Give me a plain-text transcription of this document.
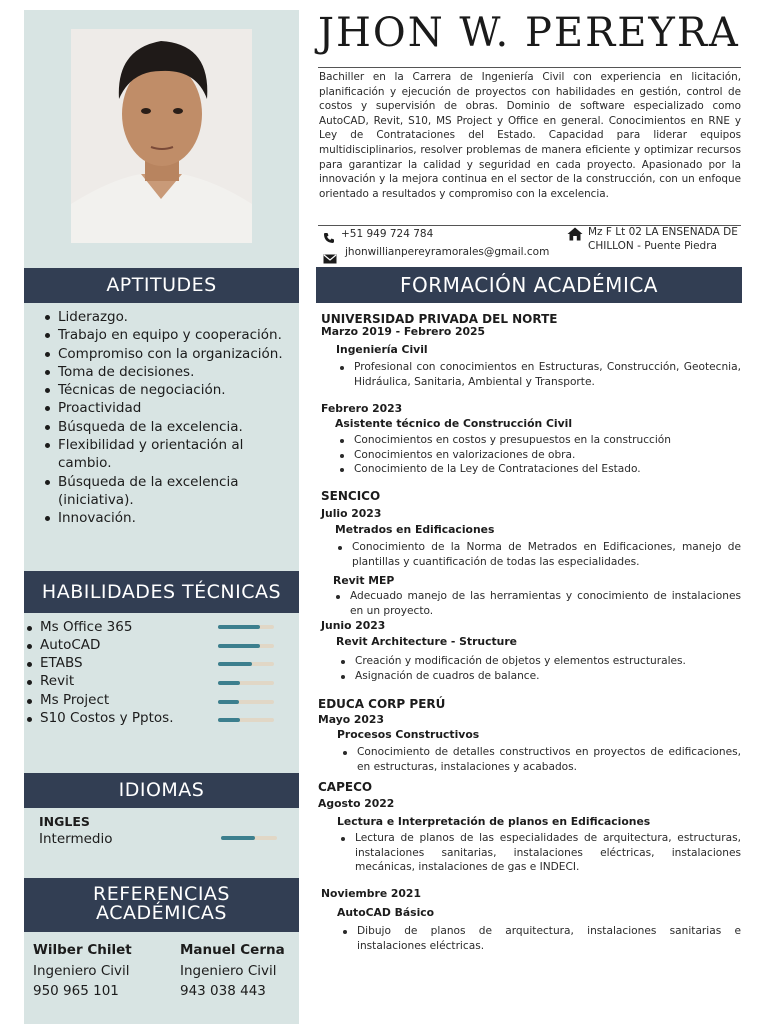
APTITUDES
Liderazgo.
Trabajo en equipo y cooperación.
Compromiso con la organización.
Toma de decisiones.
Técnicas de negociación.
Proactividad
Búsqueda de la excelencia.
Flexibilidad y orientación al cambio.
Búsqueda de la excelencia (iniciativa).
Innovación.
HABILIDADES TÉCNICAS
Ms Office 365
AutoCAD
ETABS
Revit
Ms Project
S10 Costos y Pptos.
IDIOMAS
INGLES
Intermedio
REFERENCIAS
ACADÉMICAS
Wilber Chilet
Ingeniero Civil
950 965 101
Manuel Cerna
Ingeniero Civil
943 038 443
JHON W. PEREYRA
Bachiller en la Carrera de Ingeniería Civil con experiencia en licitación, planificación y ejecución de proyectos con habilidades en gestión, control de costos y supervisión de obras. Dominio de software especializado como AutoCAD, Revit, S10, MS Project y Office en general. Conocimientos en RNE y Ley de Contrataciones del Estado. Capacidad para liderar equipos multidisciplinarios, resolver problemas de manera eficiente y optimizar recursos para garantizar la calidad y seguridad en cada proyecto. Apasionado por la innovación y la mejora continua en el sector de la construcción, con un enfoque orientado a resultados y compromiso con la excelencia.
+51 949 724 784
jhonwillianpereyramorales@gmail.com
Mz F Lt 02 LA ENSENADA DE
CHILLON - Puente Piedra
FORMACIÓN ACADÉMICA
UNIVERSIDAD PRIVADA DEL NORTE
Marzo 2019 - Febrero 2025
Ingeniería Civil
Profesional con conocimientos en Estructuras, Construcción, Geotecnia, Hidráulica, Sanitaria, Ambiental y Transporte.
Febrero 2023
Asistente técnico de Construcción Civil
Conocimientos en costos y presupuestos en la construcción
Conocimientos en valorizaciones de obra.
Conocimiento de la Ley de Contrataciones del Estado.
SENCICO
Julio 2023
Metrados en Edificaciones
Conocimiento de la Norma de Metrados en Edificaciones, manejo de plantillas y cuantificación de todas las especialidades.
Revit MEP
Adecuado manejo de las herramientas y conocimiento de instalaciones en un proyecto.
Junio 2023
Revit Architecture - Structure
Creación y modificación de objetos y elementos estructurales.
Asignación de cuadros de balance.
EDUCA CORP PERÚ
Mayo 2023
Procesos Constructivos
Conocimiento de detalles constructivos en proyectos de edificaciones, en estructuras, instalaciones y acabados.
CAPECO
Agosto 2022
Lectura e Interpretación de planos en Edificaciones
Lectura de planos de las especialidades de arquitectura, estructuras, instalaciones sanitarias, instalaciones eléctricas, instalaciones mecánicas, instalaciones de gas e INDECI.
Noviembre 2021
AutoCAD Básico
Dibujo de planos de arquitectura, instalaciones sanitarias e instalaciones eléctricas.
